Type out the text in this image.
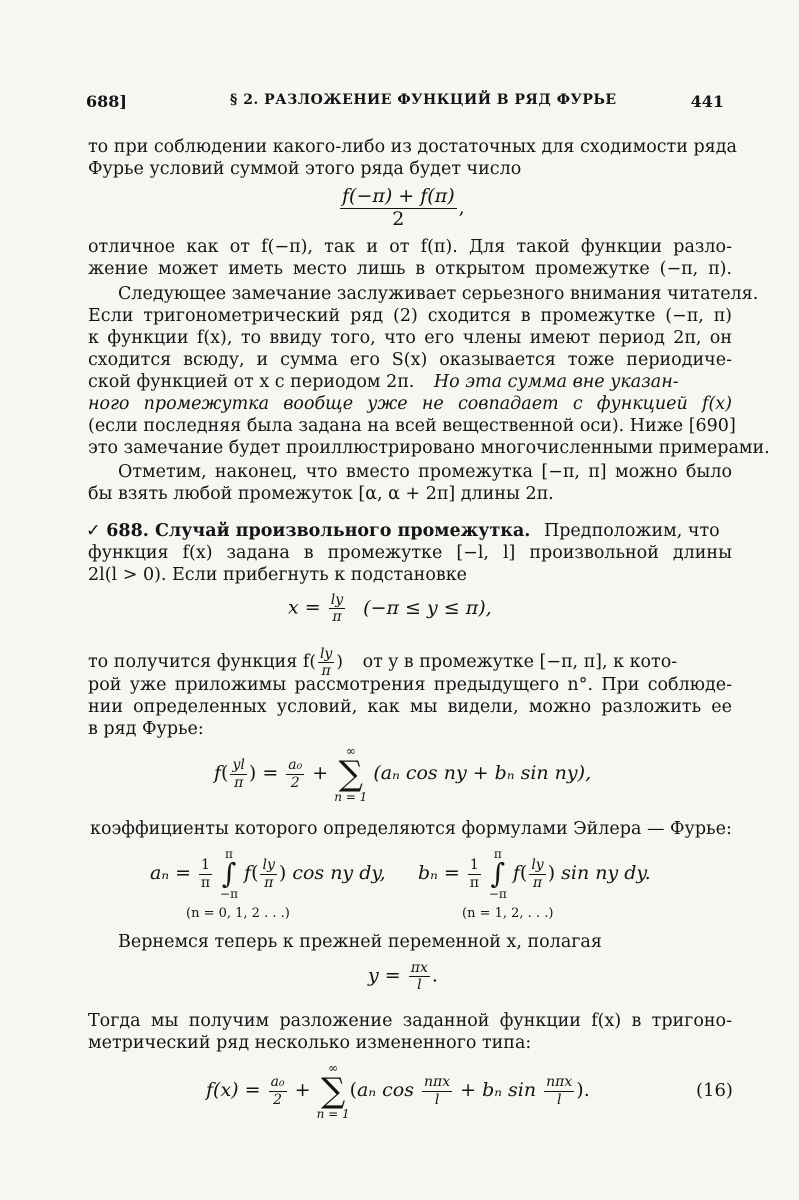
688]	§ 2. РАЗЛОЖЕНИЕ ФУНКЦИЙ В РЯД ФУРЬЕ	441
то при соблюдении какого-либо из достаточных для сходимости ряда
Фурье условий суммой этого ряда будет число
$\frac{f(-\pi) + f(\pi)}{2}$ ,
отличное как от f(−π), так и от f(π). Для такой функции разло-
жение может иметь место лишь в открытом промежутке (−π, π).
Следующее замечание заслуживает серьезного внимания читателя.
Если тригонометрический ряд (2) сходится в промежутке (−π, π)
к функции f(x), то ввиду того, что его члены имеют период 2π, он
сходится всюду, и сумма его S(x) оказывается тоже периодиче-
ской функцией от x с периодом 2π. Но эта сумма вне указан-
ного промежутка вообще уже не совпадает с функцией f(x)
(если последняя была задана на всей вещественной оси). Ниже [690]
это замечание будет проиллюстрировано многочисленными примерами.
Отметим, наконец, что вместо промежутка [−π, π] можно было
бы взять любой промежуток [α, α + 2π] длины 2π.
✓ 688. Случай произвольного промежутка. Предположим, что
функция f(x) задана в промежутке [−l, l] произвольной длины
2l(l > 0). Если прибегнуть к подстановке
$x = \frac{ly}{\pi} (-\pi \le y \le \pi)$,
то получится функция $f( \frac{ly}{\pi}$ ) от y в промежутке [−π, π], к кото-
рой уже приложимы рассмотрения предыдущего n°. При соблюде-
нии определенных условий, как мы видели, можно разложить ее
в ряд Фурье:
$f( \frac{yl}{\pi}$ ) = $\frac{\text{a₀}}{2}$ +
∞
∑
n = 1
(aₙ cos ny + bₙ sin ny),
коэффициенты которого определяются формулами Эйлера — Фурье:
$a_n = \frac{1}{\pi}$

π
∫
−π
$f( \frac{ly}{\pi}$ ) cos ny dy, $b_n = \frac{1}{\pi}$

π
∫
−π
$f( \frac{ly}{\pi}$ ) sin ny dy.
(n = 0, 1, 2 . . .)	(n = 1, 2, . . .)
Вернемся теперь к прежней переменной x, полагая
$y = \frac{\pi x}{l}$ .
Тогда мы получим разложение заданной функции f(x) в тригоно-
метрический ряд несколько измененного типа:
$f(x) = \frac{\text{a₀}}{2}$ +
∞
∑
n = 1
(aₙ $\cos \frac{\text{nπx}}{l} + b_n$ $\sin \frac{\text{nπx}}{l}$ ).	(16)
